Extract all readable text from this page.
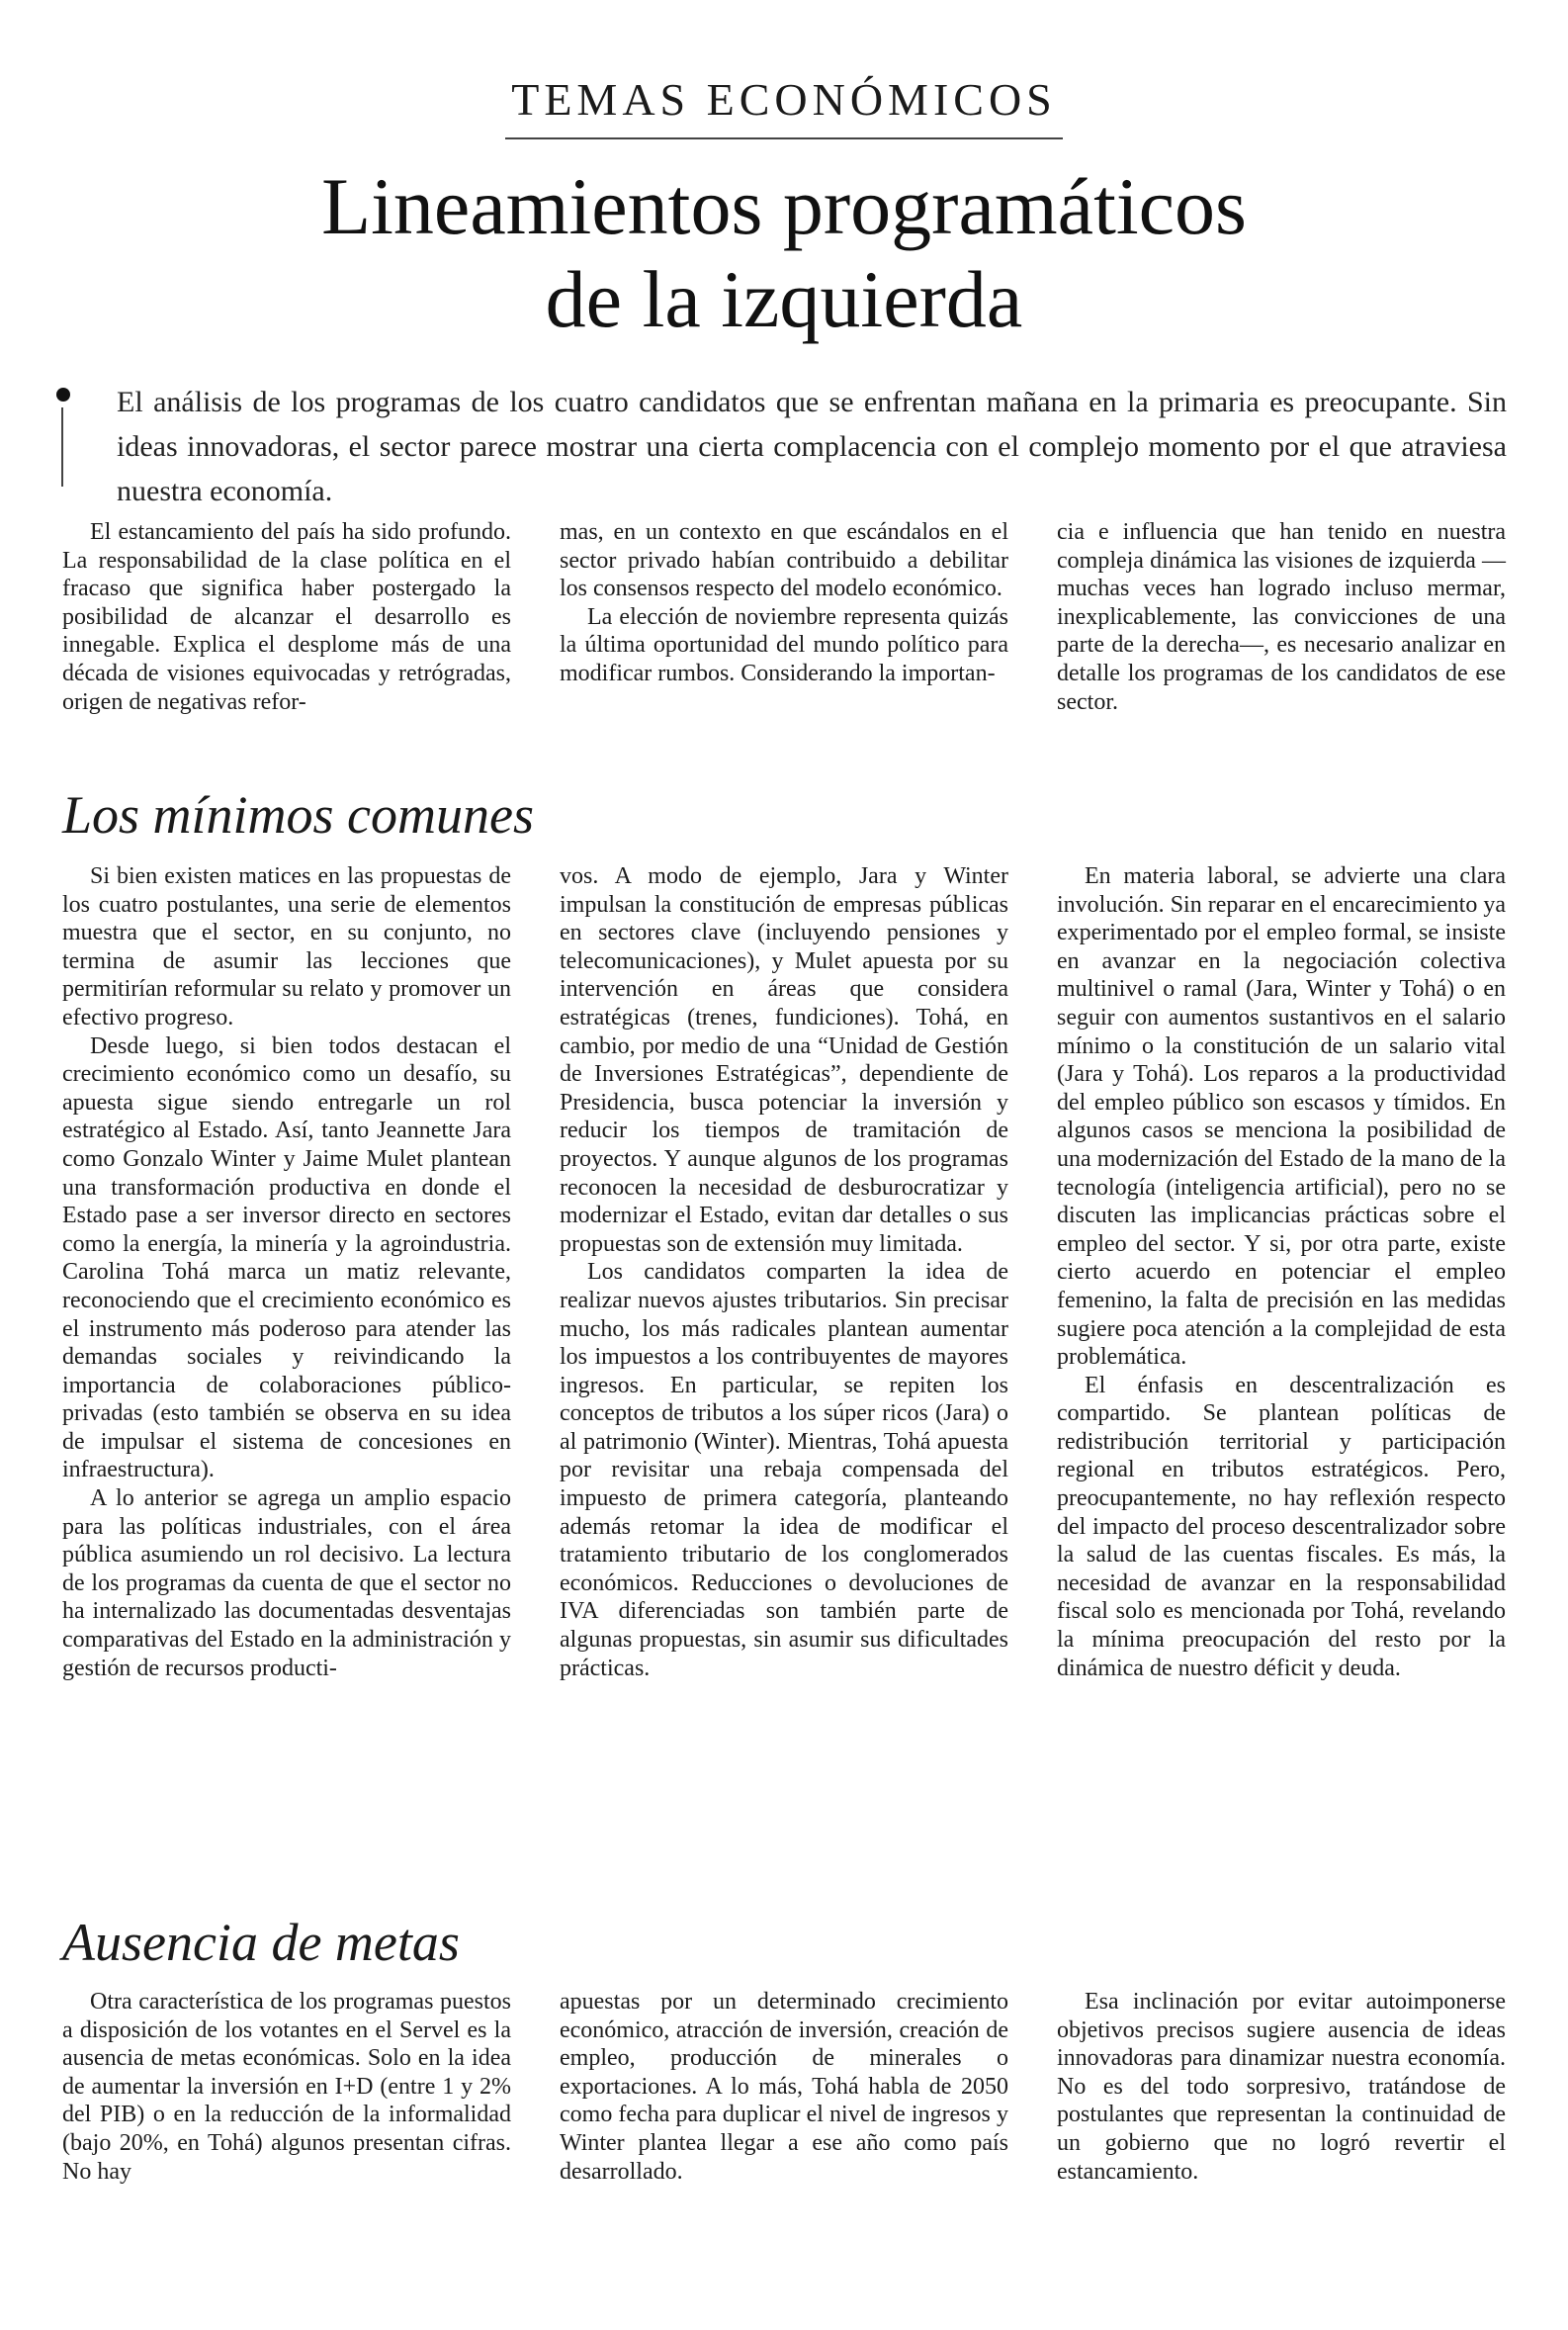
TEMAS ECONÓMICOS
Lineamientos programáticos
de la izquierda

El análisis de los programas de los cuatro candidatos que se enfrentan mañana en la primaria es preocupante. Sin ideas innovadoras, el sector parece mostrar una cierta complacencia con el complejo momento por el que atraviesa nuestra economía.

El estancamiento del país ha sido profundo. La responsabilidad de la clase política en el fracaso que significa haber postergado la posibilidad de alcanzar el desarrollo es innegable. Explica el desplome más de una década de visiones equivocadas y retrógradas, origen de negativas refor-

mas, en un contexto en que escándalos en el sector privado habían contribuido a debilitar los consensos respecto del modelo económico.

La elección de noviembre representa quizás la última oportunidad del mundo político para modificar rumbos. Considerando la importan-

cia e influencia que han tenido en nuestra compleja dinámica las visiones de izquierda —muchas veces han logrado incluso mermar, inexplicablemente, las convicciones de una parte de la derecha—, es necesario analizar en detalle los programas de los candidatos de ese sector.

Los mínimos comunes

Si bien existen matices en las propuestas de los cuatro postulantes, una serie de elementos muestra que el sector, en su conjunto, no termina de asumir las lecciones que permitirían reformular su relato y promover un efectivo progreso.

Desde luego, si bien todos destacan el crecimiento económico como un desafío, su apuesta sigue siendo entregarle un rol estratégico al Estado. Así, tanto Jeannette Jara como Gonzalo Winter y Jaime Mulet plantean una transformación productiva en donde el Estado pase a ser inversor directo en sectores como la energía, la minería y la agroindustria. Carolina Tohá marca un matiz relevante, reconociendo que el crecimiento económico es el instrumento más poderoso para atender las demandas sociales y reivindicando la importancia de colaboraciones público-privadas (esto también se observa en su idea de impulsar el sistema de concesiones en infraestructura).

A lo anterior se agrega un amplio espacio para las políticas industriales, con el área pública asumiendo un rol decisivo. La lectura de los programas da cuenta de que el sector no ha internalizado las documentadas desventajas comparativas del Estado en la administración y gestión de recursos producti-

vos. A modo de ejemplo, Jara y Winter impulsan la constitución de empresas públicas en sectores clave (incluyendo pensiones y telecomunicaciones), y Mulet apuesta por su intervención en áreas que considera estratégicas (trenes, fundiciones). Tohá, en cambio, por medio de una “Unidad de Gestión de Inversiones Estratégicas”, dependiente de Presidencia, busca potenciar la inversión y reducir los tiempos de tramitación de proyectos. Y aunque algunos de los programas reconocen la necesidad de desburocratizar y modernizar el Estado, evitan dar detalles o sus propuestas son de extensión muy limitada.

Los candidatos comparten la idea de realizar nuevos ajustes tributarios. Sin precisar mucho, los más radicales plantean aumentar los impuestos a los contribuyentes de mayores ingresos. En particular, se repiten los conceptos de tributos a los súper ricos (Jara) o al patrimonio (Winter). Mientras, Tohá apuesta por revisitar una rebaja compensada del impuesto de primera categoría, planteando además retomar la idea de modificar el tratamiento tributario de los conglomerados económicos. Reducciones o devoluciones de IVA diferenciadas son también parte de algunas propuestas, sin asumir sus dificultades prácticas.

En materia laboral, se advierte una clara involución. Sin reparar en el encarecimiento ya experimentado por el empleo formal, se insiste en avanzar en la negociación colectiva multinivel o ramal (Jara, Winter y Tohá) o en seguir con aumentos sustantivos en el salario mínimo o la constitución de un salario vital (Jara y Tohá). Los reparos a la productividad del empleo público son escasos y tímidos. En algunos casos se menciona la posibilidad de una modernización del Estado de la mano de la tecnología (inteligencia artificial), pero no se discuten las implicancias prácticas sobre el empleo del sector. Y si, por otra parte, existe cierto acuerdo en potenciar el empleo femenino, la falta de precisión en las medidas sugiere poca atención a la complejidad de esta problemática.

El énfasis en descentralización es compartido. Se plantean políticas de redistribución territorial y participación regional en tributos estratégicos. Pero, preocupantemente, no hay reflexión respecto del impacto del proceso descentralizador sobre la salud de las cuentas fiscales. Es más, la necesidad de avanzar en la responsabilidad fiscal solo es mencionada por Tohá, revelando la mínima preocupación del resto por la dinámica de nuestro déficit y deuda.

Ausencia de metas

Otra característica de los programas puestos a disposición de los votantes en el Servel es la ausencia de metas económicas. Solo en la idea de aumentar la inversión en I+D (entre 1 y 2% del PIB) o en la reducción de la informalidad (bajo 20%, en Tohá) algunos presentan cifras. No hay

apuestas por un determinado crecimiento económico, atracción de inversión, creación de empleo, producción de minerales o exportaciones. A lo más, Tohá habla de 2050 como fecha para duplicar el nivel de ingresos y Winter plantea llegar a ese año como país desarrollado.

Esa inclinación por evitar autoimponerse objetivos precisos sugiere ausencia de ideas innovadoras para dinamizar nuestra economía. No es del todo sorpresivo, tratándose de postulantes que representan la continuidad de un gobierno que no logró revertir el estancamiento.
